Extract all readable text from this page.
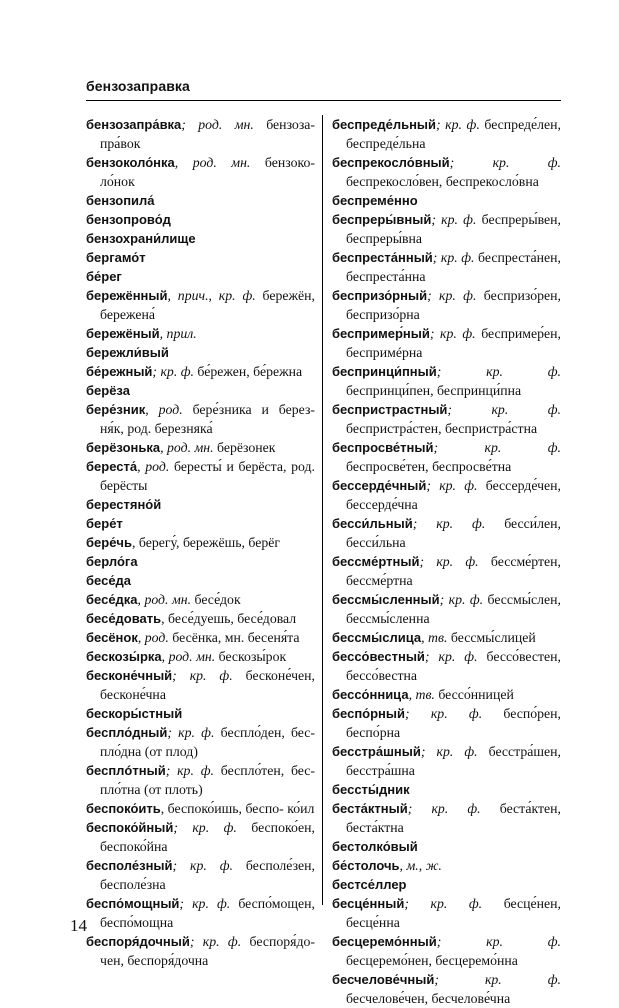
бензозаправка
бензозапра́вка; род. мн. бензоза- пра́вок
бензоколо́нка, род. мн. бензоко- ло́нок
бензопила́
бензопрово́д
бензохрани́лище
бергамо́т
бе́рег
бережённый, прич., кр. ф. бережён, бережена́
бережёный, прил.
бережли́вый
бе́режный; кр. ф. бе́режен, бе́режна
берёза
бере́зник, род. бере́зника и берез- ня́к, род. березняка́
берёзонька, род. мн. берёзонек
береста́, род. бересты́ и берёста, род. берёсты
берестяно́й
бере́т
бере́чь, берегу́, бережёшь, берёг
берло́га
бесе́да
бесе́дка, род. мн. бесе́док
бесе́довать, бесе́дуешь, бесе́довал
бесёнок, род. бесёнка, мн. бесеня́та
бескозы́рка, род. мн. бескозы́рок
бесконе́чный; кр. ф. бесконе́чен, бесконе́чна
бескоры́стный
беспло́дный; кр. ф. беспло́ден, бес- пло́дна (от плод)
бесплóтный; кр. ф. беспло́тен, бес- пло́тна (от плоть)
беспоко́ить, беспоко́ишь, беспо- ко́ил
беспоко́йный; кр. ф. беспоко́ен, беспоко́йна
бесполе́зный; кр. ф. бесполе́зен, бесполе́зна
беспо́мощный; кр. ф. беспо́мощен, беспо́мощна
беспоря́дочный; кр. ф. беспоря́до- чен, беспоря́дочна
беспреде́льный; кр. ф. беспреде́лен, беспреде́льна
беспрекосло́вный; кр. ф. беспрекосло́вен, беспрекосло́вна
беспреме́нно
беспреры́вный; кр. ф. беспреры́вен, беспреры́вна
беспреста́нный; кр. ф. беспреста́нен, беспреста́нна
беспризо́рный; кр. ф. беспризо́рен, беспризо́рна
беспример́ный; кр. ф. беспример́ен, беспримéрна
беспринци́пный; кр. ф. беспринци́пен, беспринци́пна
беспристрастный; кр. ф. беспристра́стен, беспристра́стна
беспросве́тный; кр. ф. беспросве́тен, беспросве́тна
бессерде́чный; кр. ф. бессерде́чен, бессерде́чна
бесси́льный; кр. ф. бесси́лен, бесси́льна
бессме́ртный; кр. ф. бессме́ртен, бессме́ртна
бессмы́сленный; кр. ф. бессмы́слен, бессмы́сленна
бессмы́слица, тв. бессмы́слицей
бессо́вестный; кр. ф. бессо́вестен, бессо́вестна
бессо́нница, тв. бессо́нницей
беспо́рный; кр. ф. беспо́рен, беспо́рна
бесстра́шный; кр. ф. бесстра́шен, бесстра́шна
бессты́дник
беста́ктный; кр. ф. беста́ктен, беста́ктна
бестолко́вый
бе́столочь, м., ж.
бестсе́ллер
бесце́нный; кр. ф. бесце́нен, бесце́нна
бесцеремо́нный; кр. ф. бесцеремо́нен, бесцеремо́нна
бесчелове́чный; кр. ф. бесчелове́чен, бесчелове́чна
14
